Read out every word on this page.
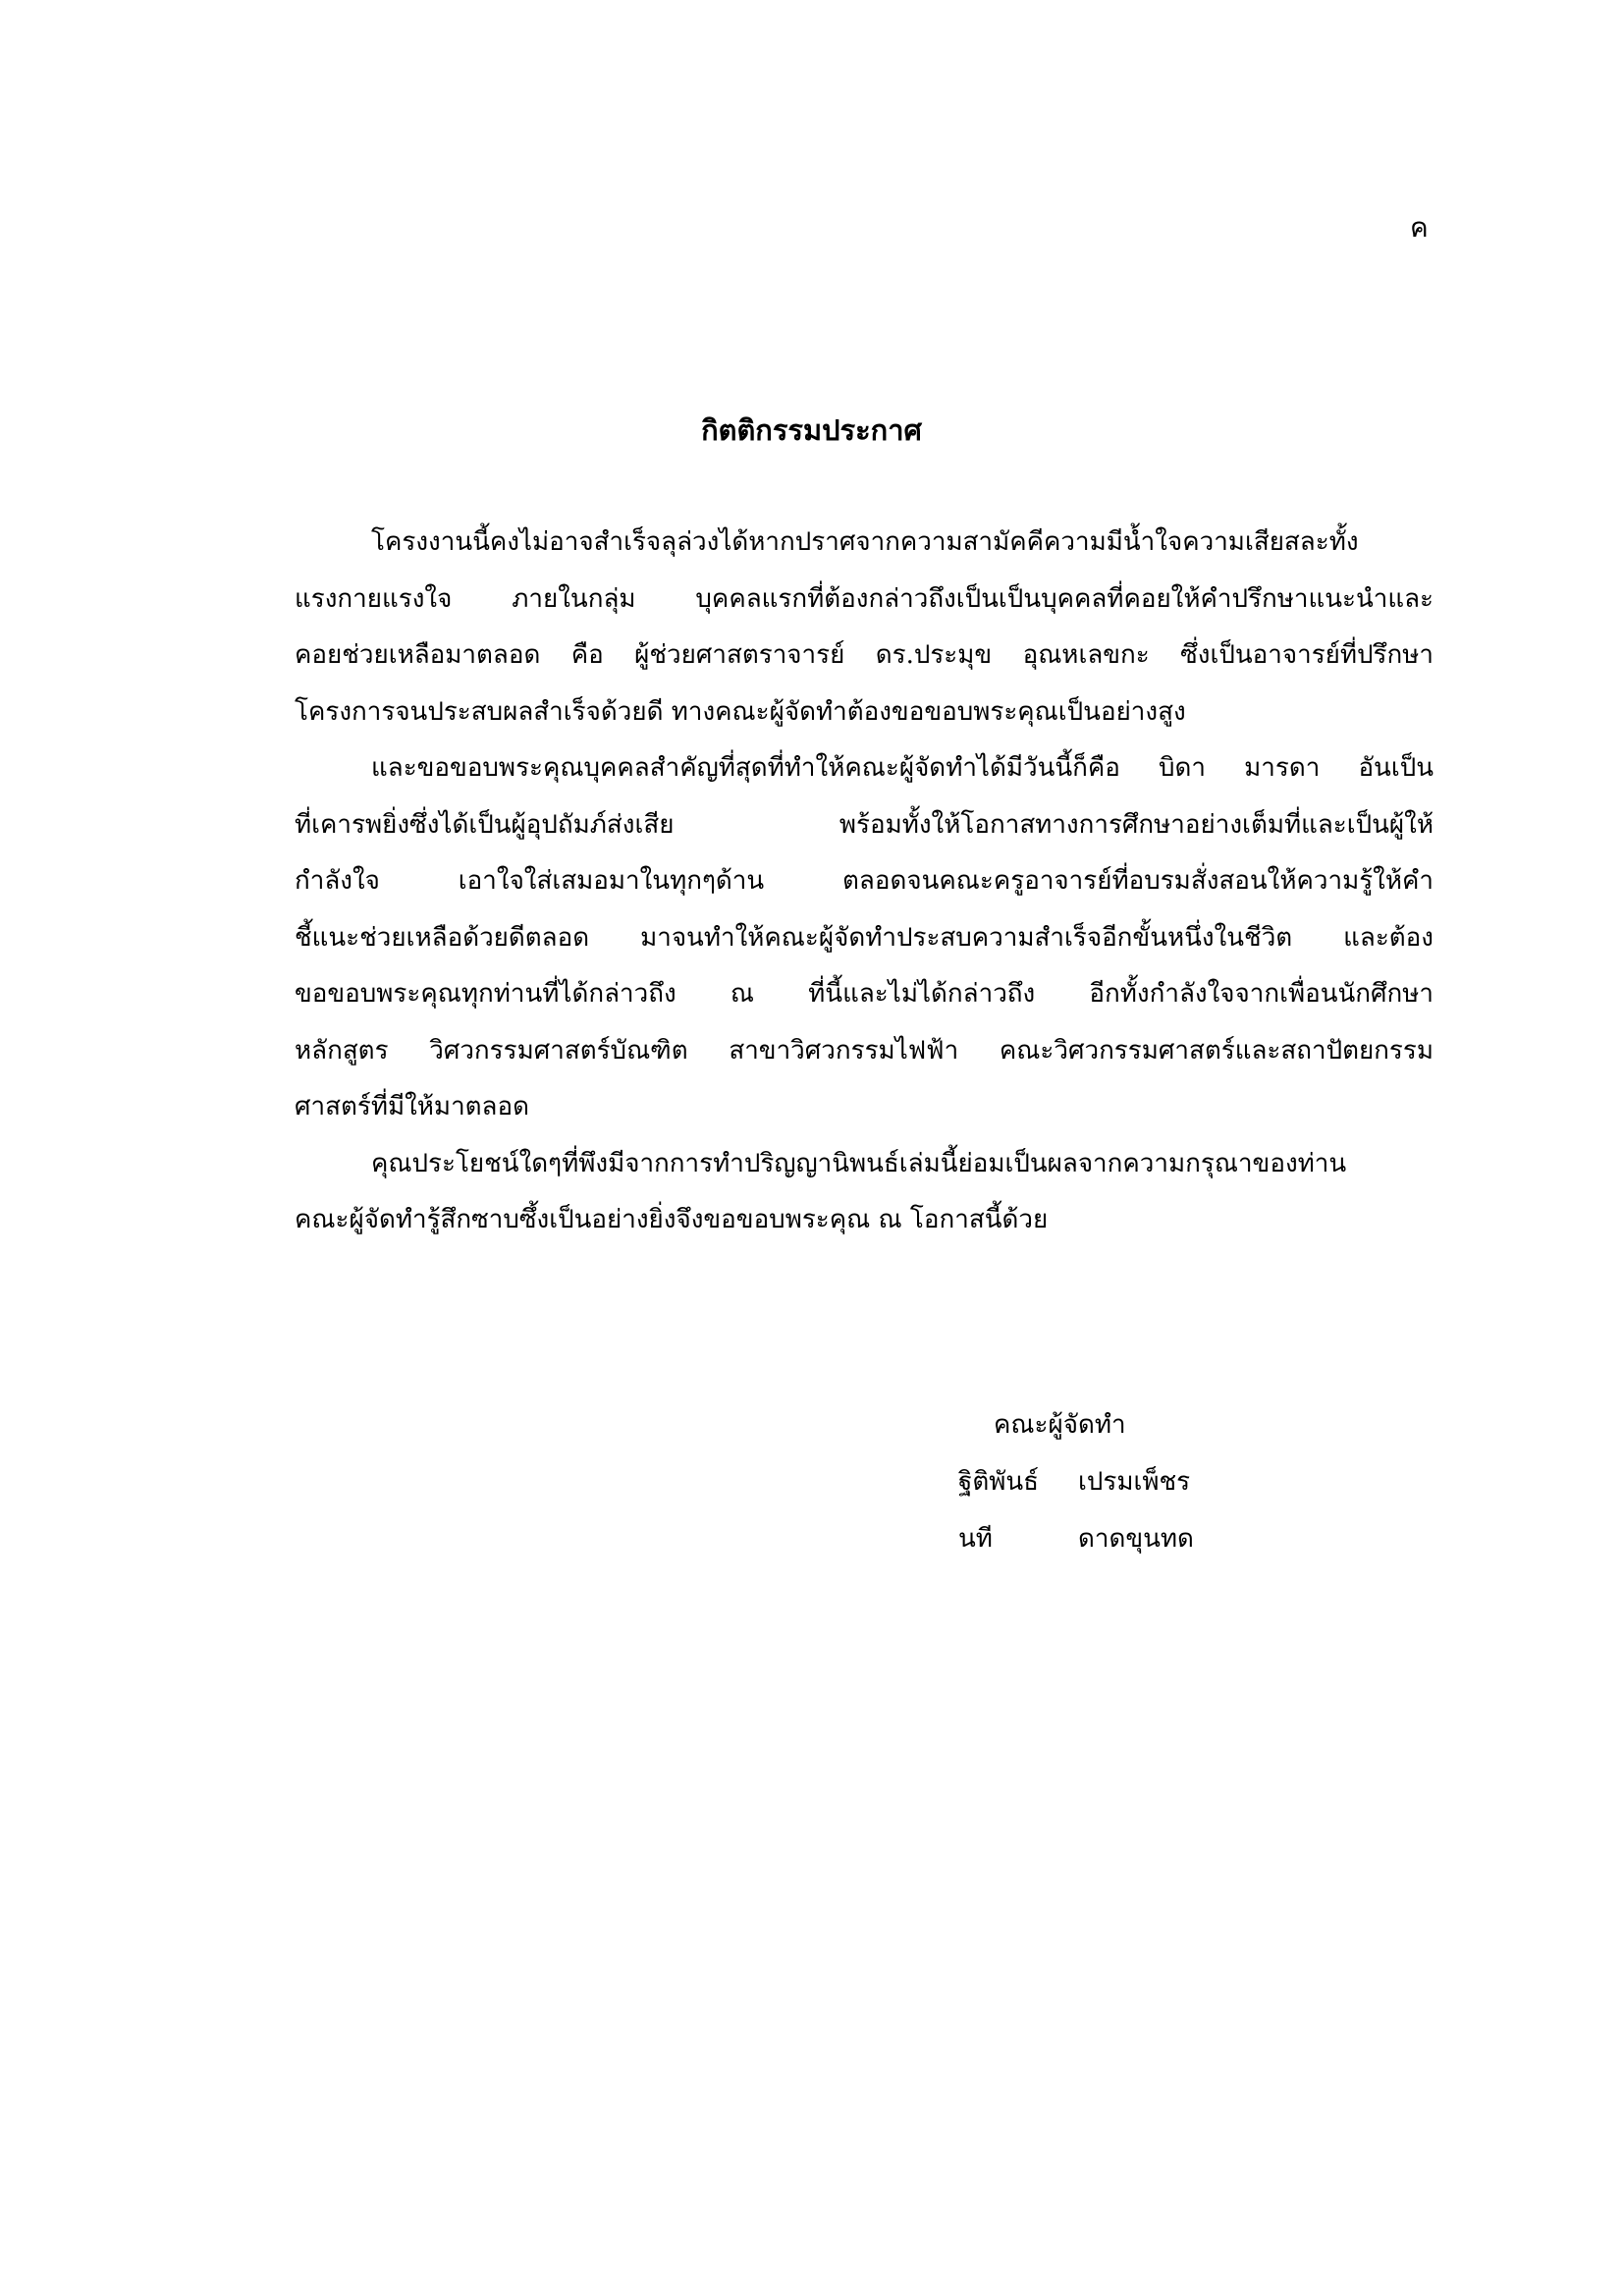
ค
กิตติกรรมประกาศ
โครงงานนี้คงไม่อาจสำเร็จลุล่วงได้หากปราศจากความสามัคคีความมีน้ำใจความเสียสละทั้ง
แรงกายแรงใจ ภายในกลุ่ม บุคคลแรกที่ต้องกล่าวถึงเป็นเป็นบุคคลที่คอยให้คำปรึกษาแนะนำและ
คอยช่วยเหลือมาตลอด คือ ผู้ช่วยศาสตราจารย์ ดร.ประมุข อุณหเลขกะ ซึ่งเป็นอาจารย์ที่ปรึกษา
โครงการจนประสบผลสำเร็จด้วยดี ทางคณะผู้จัดทำต้องขอขอบพระคุณเป็นอย่างสูง
และขอขอบพระคุณบุคคลสำคัญที่สุดที่ทำให้คณะผู้จัดทำได้มีวันนี้ก็คือ บิดา มารดา อันเป็น
ที่เคารพยิ่งซึ่งได้เป็นผู้อุปถัมภ์ส่งเสีย พร้อมทั้งให้โอกาสทางการศึกษาอย่างเต็มที่และเป็นผู้ให้
กำลังใจ เอาใจใส่เสมอมาในทุกๆด้าน ตลอดจนคณะครูอาจารย์ที่อบรมสั่งสอนให้ความรู้ให้คำ
ชี้แนะช่วยเหลือด้วยดีตลอด มาจนทำให้คณะผู้จัดทำประสบความสำเร็จอีกขั้นหนึ่งในชีวิต และต้อง
ขอขอบพระคุณทุกท่านที่ได้กล่าวถึง ณ ที่นี้และไม่ได้กล่าวถึง อีกทั้งกำลังใจจากเพื่อนนักศึกษา
หลักสูตร วิศวกรรมศาสตร์บัณฑิต สาขาวิศวกรรมไฟฟ้า คณะวิศวกรรมศาสตร์และสถาปัตยกรรม
ศาสตร์ที่มีให้มาตลอด
คุณประโยชน์ใดๆที่พึงมีจากการทำปริญญานิพนธ์เล่มนี้ย่อมเป็นผลจากความกรุณาของท่าน
คณะผู้จัดทำรู้สึกซาบซึ้งเป็นอย่างยิ่งจึงขอขอบพระคุณ ณ โอกาสนี้ด้วย
คณะผู้จัดทำ
ฐิติพันธ์	เปรมเพ็ชร
นที	ดาดขุนทด
